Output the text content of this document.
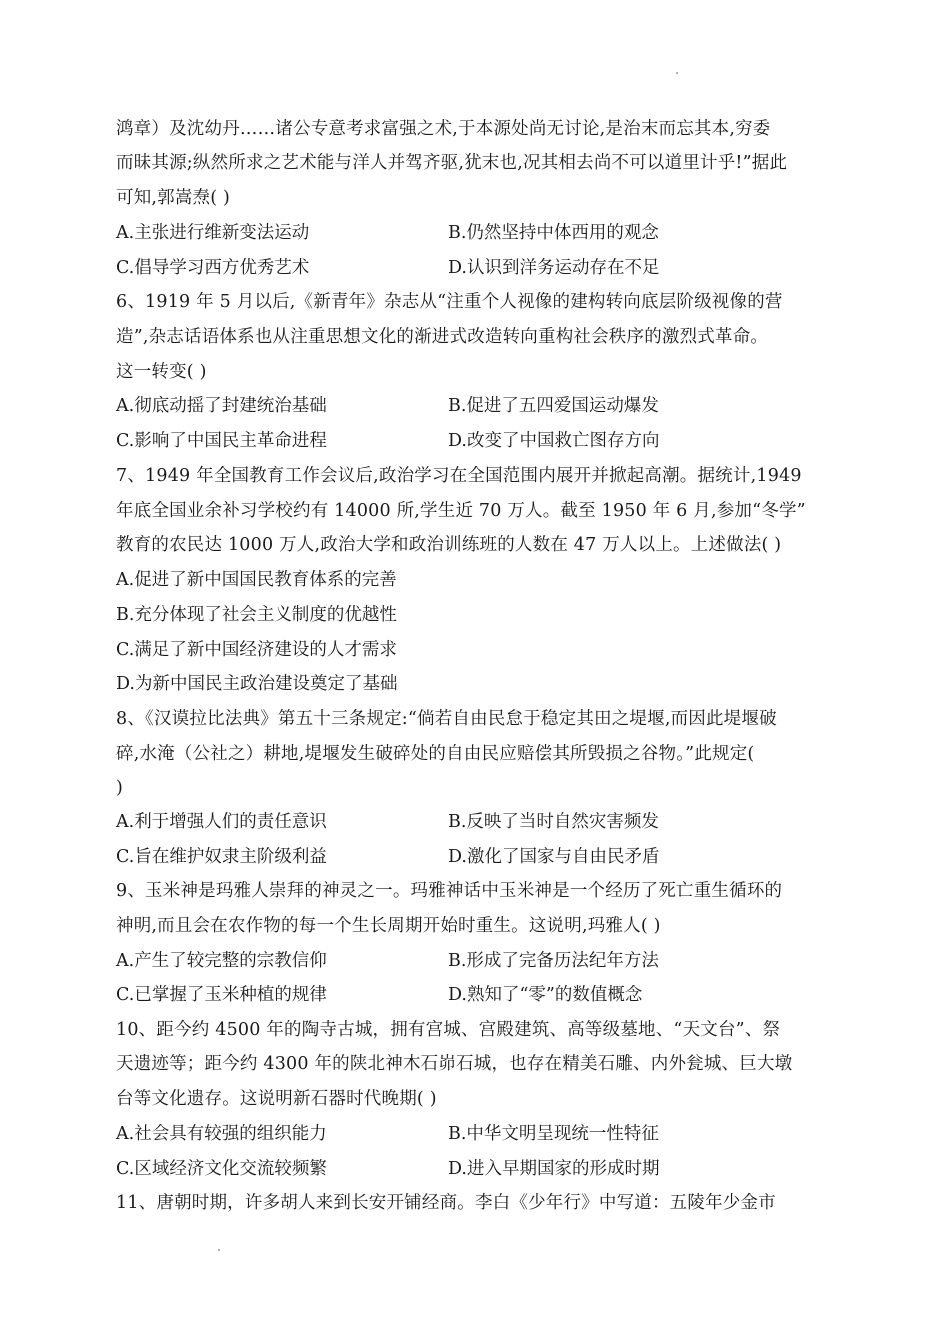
鸿章）及沈幼丹……诸公专意考求富强之术,于本源处尚无讨论,是治末而忘其本,穷委
而昧其源;纵然所求之艺术能与洋人并驾齐驱,犹末也,况其相去尚不可以道里计乎!”据此
可知,郭嵩焘( )
A.主张进行维新变法运动	B.仍然坚持中体西用的观念
C.倡导学习西方优秀艺术	D.认识到洋务运动存在不足
6、1919 年 5 月以后,《新青年》杂志从“注重个人视像的建构转向底层阶级视像的营
造”,杂志话语体系也从注重思想文化的渐进式改造转向重构社会秩序的激烈式革命。
这一转变( )
A.彻底动摇了封建统治基础	B.促进了五四爱国运动爆发
C.影响了中国民主革命进程	D.改变了中国救亡图存方向
7、1949 年全国教育工作会议后,政治学习在全国范围内展开并掀起高潮。据统计,1949
年底全国业余补习学校约有 14000 所,学生近 70 万人。截至 1950 年 6 月,参加“冬学”
教育的农民达 1000 万人,政治大学和政治训练班的人数在 47 万人以上。上述做法( )
A.促进了新中国国民教育体系的完善
B.充分体现了社会主义制度的优越性
C.满足了新中国经济建设的人才需求
D.为新中国民主政治建设奠定了基础
8、《汉谟拉比法典》第五十三条规定:“倘若自由民怠于稳定其田之堤堰,而因此堤堰破
碎,水淹（公社之）耕地,堤堰发生破碎处的自由民应赔偿其所毁损之谷物。”此规定(
)
A.利于增强人们的责任意识	B.反映了当时自然灾害频发
C.旨在维护奴隶主阶级利益	D.激化了国家与自由民矛盾
9、玉米神是玛雅人崇拜的神灵之一。玛雅神话中玉米神是一个经历了死亡重生循环的
神明,而且会在农作物的每一个生长周期开始时重生。这说明,玛雅人( )
A.产生了较完整的宗教信仰	B.形成了完备历法纪年方法
C.已掌握了玉米种植的规律	D.熟知了“零”的数值概念
10、距今约 4500 年的陶寺古城，拥有宫城、宫殿建筑、高等级墓地、“天文台”、祭
天遗迹等；距今约 4300 年的陕北神木石峁石城，也存在精美石雕、内外瓮城、巨大墩
台等文化遗存。这说明新石器时代晚期( )
A.社会具有较强的组织能力	B.中华文明呈现统一性特征
C.区域经济文化交流较频繁	D.进入早期国家的形成时期
11、唐朝时期，许多胡人来到长安开铺经商。李白《少年行》中写道：五陵年少金市
